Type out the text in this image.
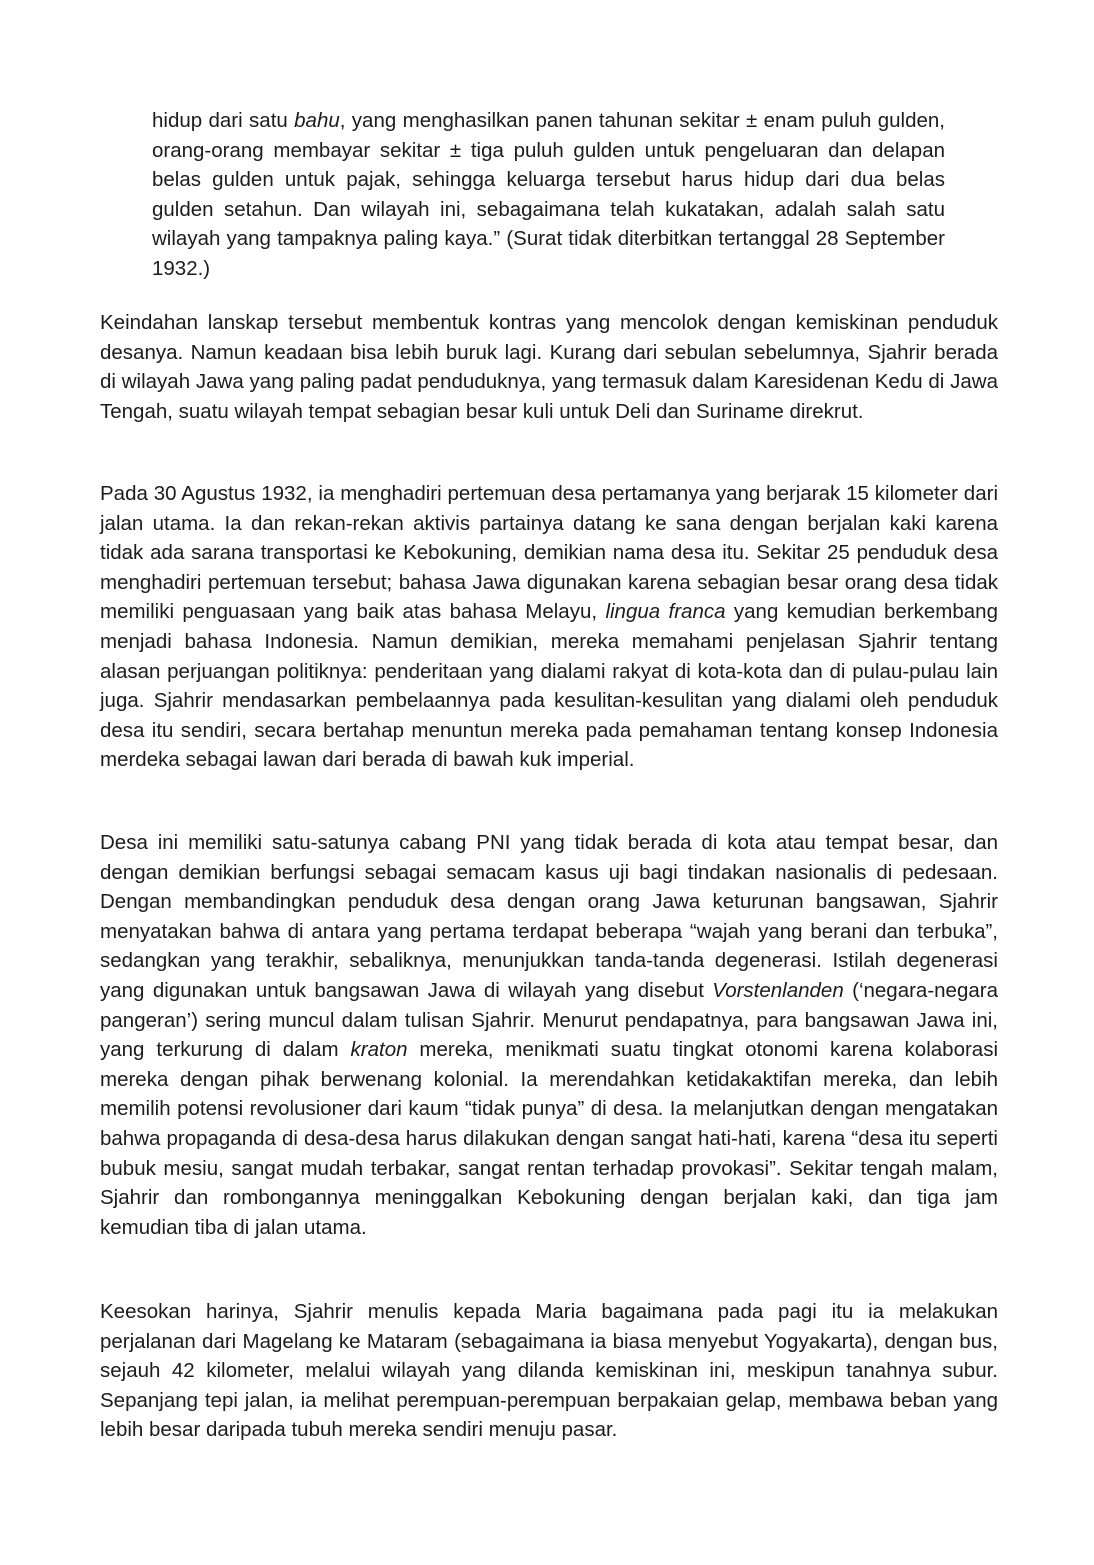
hidup dari satu bahu, yang menghasilkan panen tahunan sekitar ± enam puluh gulden, orang-orang membayar sekitar ± tiga puluh gulden untuk pengeluaran dan delapan belas gulden untuk pajak, sehingga keluarga tersebut harus hidup dari dua belas gulden setahun. Dan wilayah ini, sebagaimana telah kukatakan, adalah salah satu wilayah yang tampaknya paling kaya.” (Surat tidak diterbitkan tertanggal 28 September 1932.)

Keindahan lanskap tersebut membentuk kontras yang mencolok dengan kemiskinan penduduk desanya. Namun keadaan bisa lebih buruk lagi. Kurang dari sebulan sebelumnya, Sjahrir berada di wilayah Jawa yang paling padat penduduknya, yang termasuk dalam Karesidenan Kedu di Jawa Tengah, suatu wilayah tempat sebagian besar kuli untuk Deli dan Suriname direkrut.

Pada 30 Agustus 1932, ia menghadiri pertemuan desa pertamanya yang berjarak 15 kilometer dari jalan utama. Ia dan rekan-rekan aktivis partainya datang ke sana dengan berjalan kaki karena tidak ada sarana transportasi ke Kebokuning, demikian nama desa itu. Sekitar 25 penduduk desa menghadiri pertemuan tersebut; bahasa Jawa digunakan karena sebagian besar orang desa tidak memiliki penguasaan yang baik atas bahasa Melayu, lingua franca yang kemudian berkembang menjadi bahasa Indonesia. Namun demikian, mereka memahami penjelasan Sjahrir tentang alasan perjuangan politiknya: penderitaan yang dialami rakyat di kota-kota dan di pulau-pulau lain juga. Sjahrir mendasarkan pembelaannya pada kesulitan-kesulitan yang dialami oleh penduduk desa itu sendiri, secara bertahap menuntun mereka pada pemahaman tentang konsep Indonesia merdeka sebagai lawan dari berada di bawah kuk imperial.

Desa ini memiliki satu-satunya cabang PNI yang tidak berada di kota atau tempat besar, dan dengan demikian berfungsi sebagai semacam kasus uji bagi tindakan nasionalis di pedesaan. Dengan membandingkan penduduk desa dengan orang Jawa keturunan bangsawan, Sjahrir menyatakan bahwa di antara yang pertama terdapat beberapa “wajah yang berani dan terbuka”, sedangkan yang terakhir, sebaliknya, menunjukkan tanda-tanda degenerasi. Istilah degenerasi yang digunakan untuk bangsawan Jawa di wilayah yang disebut Vorstenlanden (‘negara-negara pangeran’) sering muncul dalam tulisan Sjahrir. Menurut pendapatnya, para bangsawan Jawa ini, yang terkurung di dalam kraton mereka, menikmati suatu tingkat otonomi karena kolaborasi mereka dengan pihak berwenang kolonial. Ia merendahkan ketidakaktifan mereka, dan lebih memilih potensi revolusioner dari kaum “tidak punya” di desa. Ia melanjutkan dengan mengatakan bahwa propaganda di desa-desa harus dilakukan dengan sangat hati-hati, karena “desa itu seperti bubuk mesiu, sangat mudah terbakar, sangat rentan terhadap provokasi”. Sekitar tengah malam, Sjahrir dan rombongannya meninggalkan Kebokuning dengan berjalan kaki, dan tiga jam kemudian tiba di jalan utama.

Keesokan harinya, Sjahrir menulis kepada Maria bagaimana pada pagi itu ia melakukan perjalanan dari Magelang ke Mataram (sebagaimana ia biasa menyebut Yogyakarta), dengan bus, sejauh 42 kilometer, melalui wilayah yang dilanda kemiskinan ini, meskipun tanahnya subur. Sepanjang tepi jalan, ia melihat perempuan-perempuan berpakaian gelap, membawa beban yang lebih besar daripada tubuh mereka sendiri menuju pasar.
